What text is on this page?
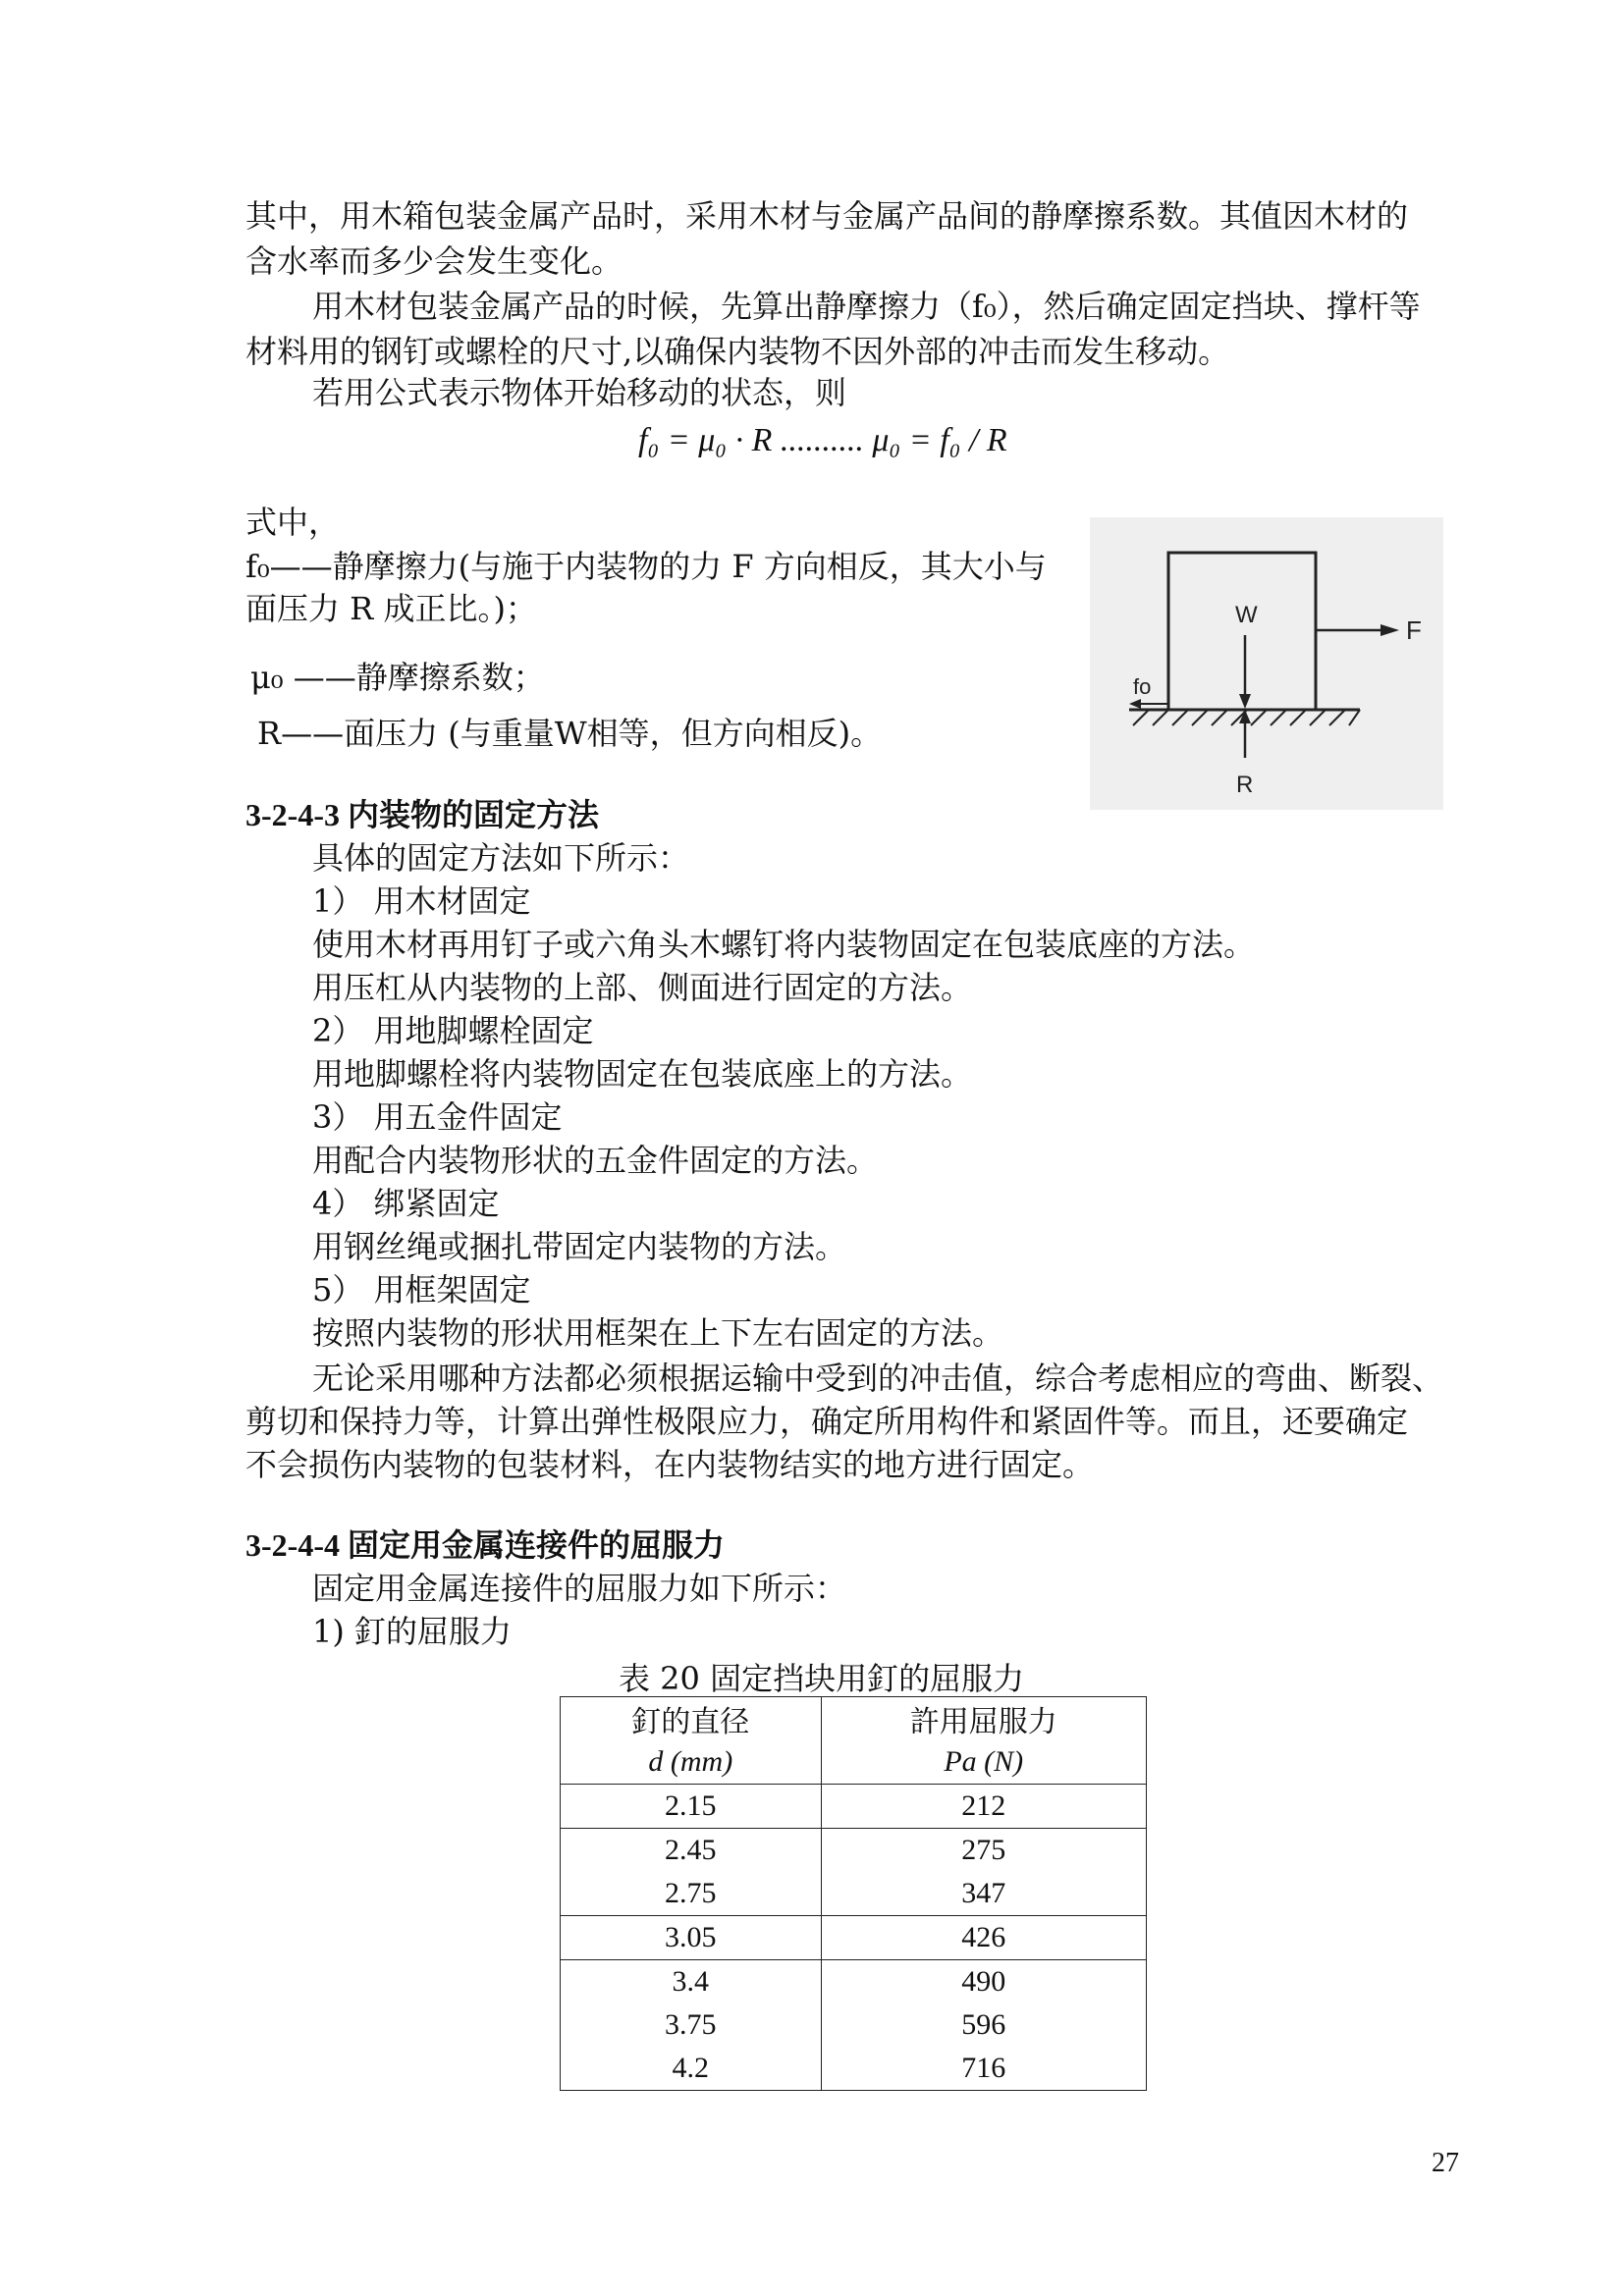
其中，用木箱包装金属产品时，采用木材与金属产品间的静摩擦系数。其值因木材的
含水率而多少会发生变化。
用木材包装金属产品的时候，先算出静摩擦力（f₀），然后确定固定挡块、撑杆等
材料用的钢钉或螺栓的尺寸,以确保内装物不因外部的冲击而发生移动。
若用公式表示物体开始移动的状态，则
f₀ = μ₀ · R .......... μ₀ = f₀ / R
式中，
f₀——静摩擦力(与施于内装物的力 F 方向相反，其大小与
面压力 R 成正比。)；
μ₀ ——静摩擦系数；
R——面压力 (与重量W相等，但方向相反)。
W
F
fo
R
3-2-4-3 内装物的固定方法
具体的固定方法如下所示：
1） 用木材固定
使用木材再用钉子或六角头木螺钉将内装物固定在包装底座的方法。
用压杠从内装物的上部、侧面进行固定的方法。
2） 用地脚螺栓固定
用地脚螺栓将内装物固定在包装底座上的方法。
3） 用五金件固定
用配合内装物形状的五金件固定的方法。
4） 绑紧固定
用钢丝绳或捆扎带固定内装物的方法。
5） 用框架固定
按照内装物的形状用框架在上下左右固定的方法。
无论采用哪种方法都必须根据运输中受到的冲击值，综合考虑相应的弯曲、断裂、
剪切和保持力等，计算出弹性极限应力，确定所用构件和紧固件等。而且，还要确定
不会损伤内装物的包装材料，在内装物结实的地方进行固定。
3-2-4-4 固定用金属连接件的屈服力
固定用金属连接件的屈服力如下所示：
1) 釘的屈服力
表 20 固定挡块用釘的屈服力
釘的直径	許用屈服力
d (mm)	Pa (N)
2.15	212
2.45	275
2.75	347
3.05	426
3.4	490
3.75	596
4.2	716
27
